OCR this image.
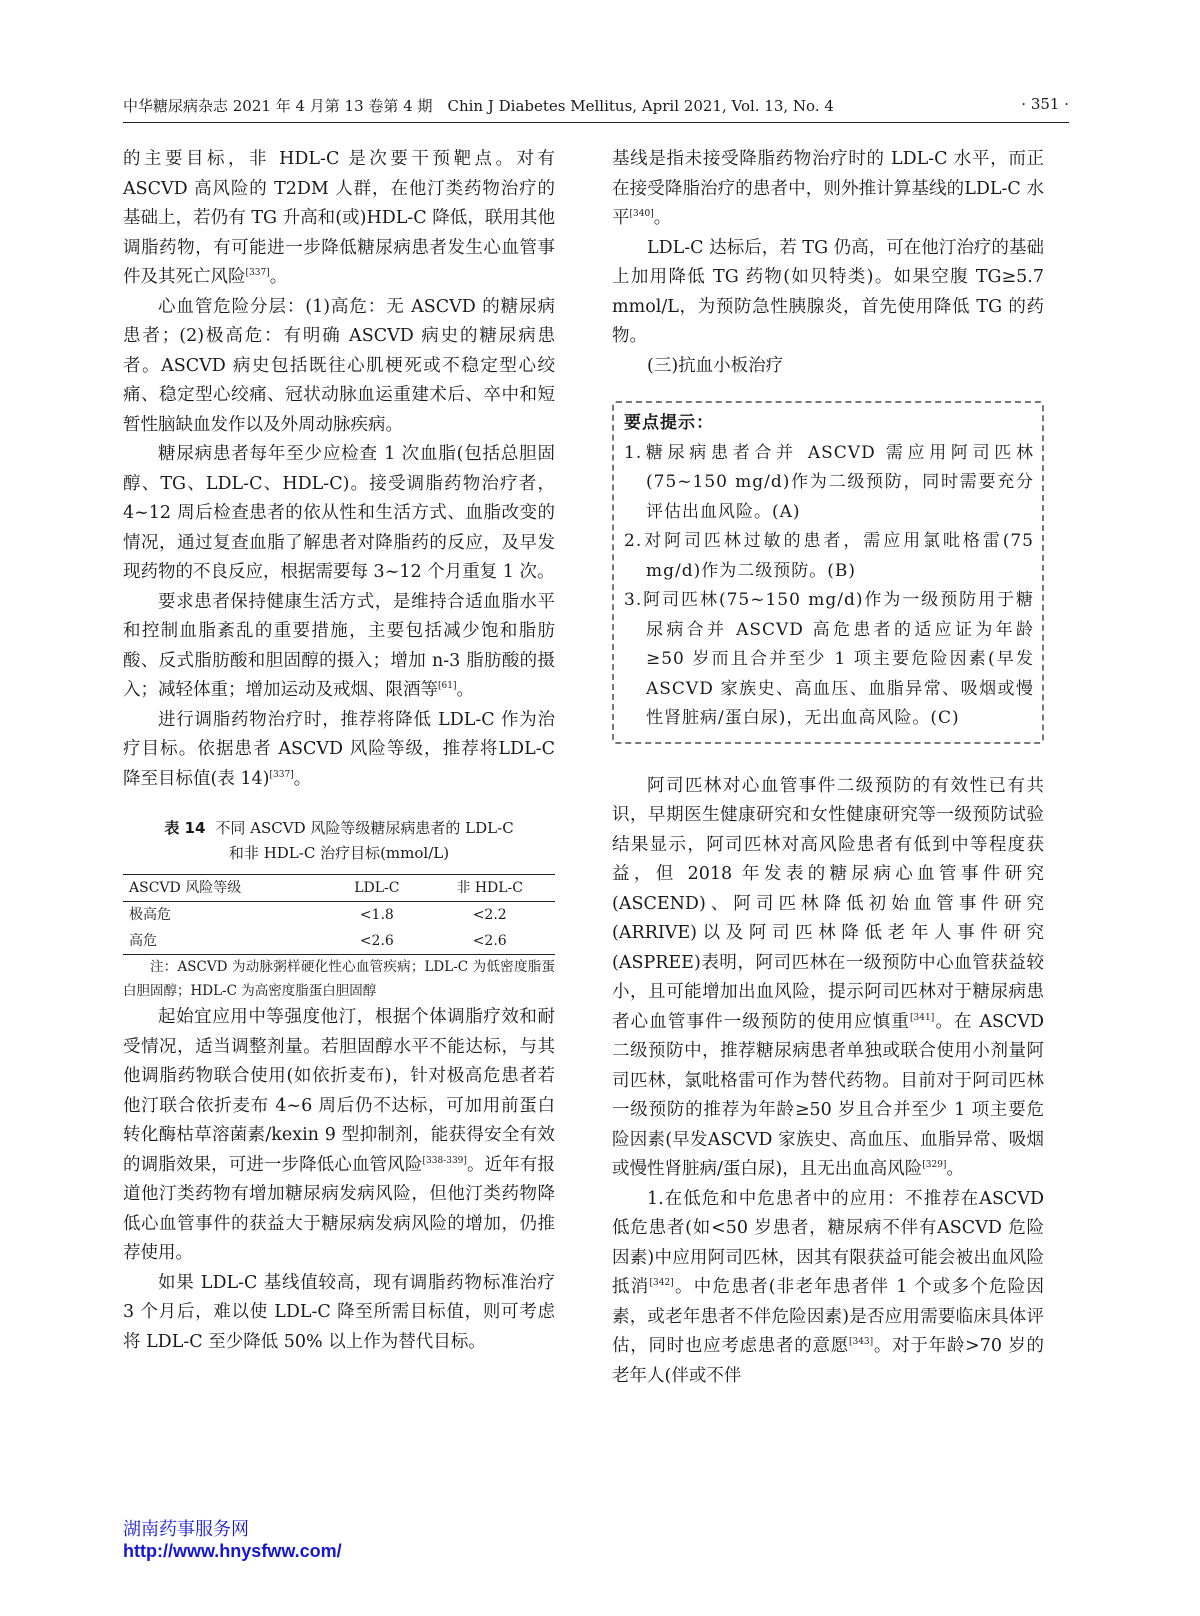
中华糖尿病杂志 2021 年 4 月第 13 卷第 4 期　Chin J Diabetes Mellitus, April 2021, Vol. 13, No. 4	· 351 ·

的主要目标，非 HDL-C 是次要干预靶点。对有ASCVD 高风险的 T2DM 人群，在他汀类药物治疗的基础上，若仍有 TG 升高和(或)HDL-C 降低，联用其他调脂药物，有可能进一步降低糖尿病患者发生心血管事件及其死亡风险[337]。

心血管危险分层：(1)高危：无 ASCVD 的糖尿病患者；(2)极高危：有明确 ASCVD 病史的糖尿病患者。ASCVD 病史包括既往心肌梗死或不稳定型心绞痛、稳定型心绞痛、冠状动脉血运重建术后、卒中和短暂性脑缺血发作以及外周动脉疾病。

糖尿病患者每年至少应检查 1 次血脂(包括总胆固醇、TG、LDL-C、HDL-C)。接受调脂药物治疗者，4~12 周后检查患者的依从性和生活方式、血脂改变的情况，通过复查血脂了解患者对降脂药的反应，及早发现药物的不良反应，根据需要每 3~12 个月重复 1 次。

要求患者保持健康生活方式，是维持合适血脂水平和控制血脂紊乱的重要措施，主要包括减少饱和脂肪酸、反式脂肪酸和胆固醇的摄入；增加 n-3 脂肪酸的摄入；减轻体重；增加运动及戒烟、限酒等[61]。

进行调脂药物治疗时，推荐将降低 LDL-C 作为治疗目标。依据患者 ASCVD 风险等级，推荐将LDL-C 降至目标值(表 14)[337]。

表 14 不同 ASCVD 风险等级糖尿病患者的 LDL-C
和非 HDL-C 治疗目标(mmol/L)
ASCVD 风险等级	LDL-C	非 HDL-C
极高危	<1.8	<2.2
高危	<2.6	<2.6

注：ASCVD 为动脉粥样硬化性心血管疾病；LDL-C 为低密度脂蛋白胆固醇；HDL-C 为高密度脂蛋白胆固醇

起始宜应用中等强度他汀，根据个体调脂疗效和耐受情况，适当调整剂量。若胆固醇水平不能达标，与其他调脂药物联合使用(如依折麦布)，针对极高危患者若他汀联合依折麦布 4~6 周后仍不达标，可加用前蛋白转化酶枯草溶菌素/kexin 9 型抑制剂，能获得安全有效的调脂效果，可进一步降低心血管风险[338-339]。近年有报道他汀类药物有增加糖尿病发病风险，但他汀类药物降低心血管事件的获益大于糖尿病发病风险的增加，仍推荐使用。

如果 LDL-C 基线值较高，现有调脂药物标准治疗 3 个月后，难以使 LDL-C 降至所需目标值，则可考虑将 LDL-C 至少降低 50% 以上作为替代目标。

基线是指未接受降脂药物治疗时的 LDL-C 水平，而正在接受降脂治疗的患者中，则外推计算基线的LDL-C 水平[340]。

LDL-C 达标后，若 TG 仍高，可在他汀治疗的基础上加用降低 TG 药物(如贝特类)。如果空腹 TG≥5.7 mmol/L，为预防急性胰腺炎，首先使用降低 TG 的药物。

(三)抗血小板治疗

要点提示：

1.糖尿病患者合并 ASCVD 需应用阿司匹林(75~150 mg/d)作为二级预防，同时需要充分评估出血风险。(A)

2.对阿司匹林过敏的患者，需应用氯吡格雷(75 mg/d)作为二级预防。(B)

3.阿司匹林(75~150 mg/d)作为一级预防用于糖尿病合并 ASCVD 高危患者的适应证为年龄≥50 岁而且合并至少 1 项主要危险因素(早发ASCVD 家族史、高血压、血脂异常、吸烟或慢性肾脏病/蛋白尿)，无出血高风险。(C)

阿司匹林对心血管事件二级预防的有效性已有共识，早期医生健康研究和女性健康研究等一级预防试验结果显示，阿司匹林对高风险患者有低到中等程度获益，但 2018 年发表的糖尿病心血管事件研究(ASCEND)、阿司匹林降低初始血管事件研究(ARRIVE)以及阿司匹林降低老年人事件研究(ASPREE)表明，阿司匹林在一级预防中心血管获益较小，且可能增加出血风险，提示阿司匹林对于糖尿病患者心血管事件一级预防的使用应慎重[341]。在 ASCVD 二级预防中，推荐糖尿病患者单独或联合使用小剂量阿司匹林，氯吡格雷可作为替代药物。目前对于阿司匹林一级预防的推荐为年龄≥50 岁且合并至少 1 项主要危险因素(早发ASCVD 家族史、高血压、血脂异常、吸烟或慢性肾脏病/蛋白尿)，且无出血高风险[329]。

1.在低危和中危患者中的应用：不推荐在ASCVD 低危患者(如<50 岁患者，糖尿病不伴有ASCVD 危险因素)中应用阿司匹林，因其有限获益可能会被出血风险抵消[342]。中危患者(非老年患者伴 1 个或多个危险因素，或老年患者不伴危险因素)是否应用需要临床具体评估，同时也应考虑患者的意愿[343]。对于年龄>70 岁的老年人(伴或不伴

湖南药事服务网
http://www.hnysfww.com/
